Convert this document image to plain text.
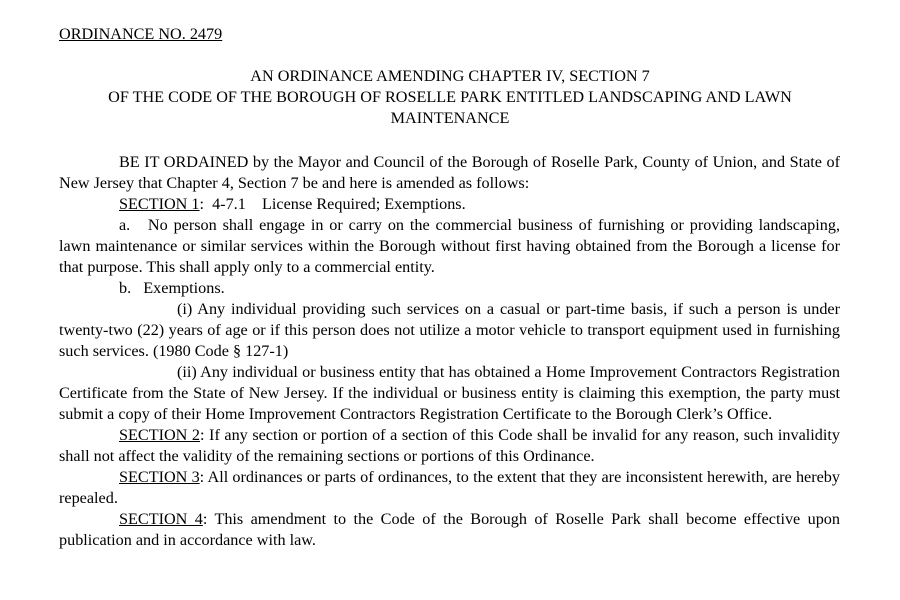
ORDINANCE NO. 2479
AN ORDINANCE AMENDING CHAPTER IV, SECTION 7
OF THE CODE OF THE BOROUGH OF ROSELLE PARK ENTITLED LANDSCAPING AND LAWN
MAINTENANCE

BE IT ORDAINED by the Mayor and Council of the Borough of Roselle Park, County of Union, and State of New Jersey that Chapter 4, Section 7 be and here is amended as follows:

SECTION 1:  4-7.1    License Required; Exemptions.

a.   No person shall engage in or carry on the commercial business of furnishing or providing landscaping, lawn maintenance or similar services within the Borough without first having obtained from the Borough a license for that purpose. This shall apply only to a commercial entity.

b.   Exemptions.

(i) Any individual providing such services on a casual or part-time basis, if such a person is under twenty-two (22) years of age or if this person does not utilize a motor vehicle to transport equipment used in furnishing such services. (1980 Code § 127-1)

(ii) Any individual or business entity that has obtained a Home Improvement Contractors Registration Certificate from the State of New Jersey. If the individual or business entity is claiming this exemption, the party must submit a copy of their Home Improvement Contractors Registration Certificate to the Borough Clerk’s Office.

SECTION 2: If any section or portion of a section of this Code shall be invalid for any reason, such invalidity shall not affect the validity of the remaining sections or portions of this Ordinance.

SECTION 3: All ordinances or parts of ordinances, to the extent that they are inconsistent herewith, are hereby repealed.

SECTION 4: This amendment to the Code of the Borough of Roselle Park shall become effective upon publication and in accordance with law.
